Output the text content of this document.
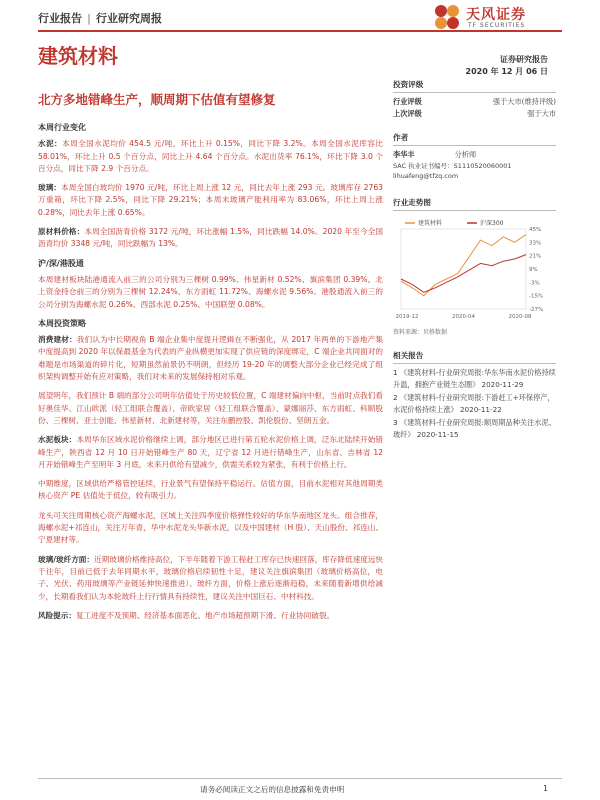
行业报告 | 行业研究周报	天风证券
TF SECURITIES
建筑材料	证券研究报告
2020 年 12 月 06 日
北方多地错峰生产，顺周期下估值有望修复
本周行业变化
水泥：本周全国水泥均价 454.5 元/吨，环比上升 0.15%，同比下降 3.2%。本周全国水泥库容比 58.01%，环比上升 0.5 个百分点，同比上升 4.64 个百分点。水泥出货率 76.1%，环比下降 3.0 个百分点，同比下降 2.9 个百分点。
玻璃：本周全国白玻均价 1970 元/吨，环比上周上涨 12 元，同比去年上涨 293 元。玻璃库存 2763 万重箱，环比下降 2.5%，同比下降 29.21%；本周末玻璃产能利用率为 83.06%，环比上周上涨 0.28%，同比去年上涨 0.65%。
原材料价格：本周全国沥青价格 3172 元/吨，环比涨幅 1.5%，同比跌幅 14.0%。2020 年至今全国沥青均价 3348 元/吨，同比跌幅为 13%。
沪/深/港股通
本周建材板块陆港通流入前三的公司分别为三棵树 0.99%、伟星新材 0.52%、旗滨集团 0.39%。北上资金持仓前三的分别为三棵树 12.24%、东方雨虹 11.72%、海螺水泥 9.56%。港股通流入前三的公司分别为海螺水泥 0.26%、西部水泥 0.25%、中国联塑 0.08%。
本周投资策略
消费建材：我们认为中长期视角 B 端企业集中度提升逻辑在不断强化，从 2017 年两单的下游地产集中度提高到 2020 年以保最基金为代表的产业纵横更加实现了供应链的深度绑定，C 端企业共同面对的难题是市场渠道的碎片化，短期虽然前景仍不明朗，但经历 19-20 年的调整大部分企业已经完成了组织架构调整开始有应对策略，我们对未来的发展保持相对乐观。
展望明年，我们预计 B 端的部分公司明年估值处于历史较低位置，C 端建材偏向中枢，当前时点我们看好奥佳华、江山欧派（轻工组联合覆盖）、帝欧家居（轻工组联合覆盖）、蒙娜丽莎、东方雨虹、科顺股份、三棵树、亚士创能、伟星新材、北新建材等，关注东鹏控股、凯伦股份、坚朗五金。
水泥板块：本周华东区域水泥价格继续上调，部分地区已进行第五轮水泥价格上调，泛东北陆续开始错峰生产，陕西省 12 月 10 日开始错峰生产 80 天，辽宁省 12 月进行错峰生产，山东省、吉林省 12 月开始错峰生产至明年 3 月底，未来月供给有望减少，供需关系较为紧张，有利于价格上行。
中期维度，区域供给严格管控延续，行业景气有望保持平稳运行。估值方面，目前水泥相对其他周期类核心资产 PE 估值处于低位，较有吸引力。
龙头可关注周期核心资产海螺水泥，区域上关注四季度价格弹性较好的华东华南地区龙头。组合推荐，海螺水泥+祁连山，关注万年青，华中水泥龙头华新水泥，以及中国建材（H 股）、天山股份、祁连山、宁夏建材等。
玻璃/玻纤方面：近期玻璃价格维持高位，下半年随着下游工程赶工库存已快速回落，库存降低速度远快于往年，目前已低于去年同期水平，玻璃价格启续韧性十足，建议关注旗滨集团（玻璃价格高位，电子、光伏、药用玻璃等产业链延伸快速推进）。玻纤方面，价格上涨后逐渐趋稳，未来随着新增供给减少，长期看我们认为本轮玻纤上行行情具有持续性，建议关注中国巨石、中材科技。
风险提示：复工进度不及预期、经济基本面恶化、地产市场超预期下滑、行业协同破裂。
投资评级
行业评级	强于大市(维持评级)
上次评级	强于大市
作者
李华丰	分析师
SAC 执业证书编号：S1110520060001
lihuafeng@tfzq.com
行业走势图
45%
33%
21%
9%
-3%
-15%
-27%
2019-12	2020-04	2020-08
建筑材料	沪深300
资料来源：贝格数据
相关报告
1 《建筑材料-行业研究周报:华东华南水泥价格持续升温，拥抱产业链生态圈》 2020-11-29
2 《建筑材料-行业研究周报:下游赶工+环保停产，水泥价格持续上涨》 2020-11-22
3 《建筑材料-行业研究周报:顺周期品种关注水泥、玻纤》 2020-11-15
请务必阅读正文之后的信息披露和免责申明	1
